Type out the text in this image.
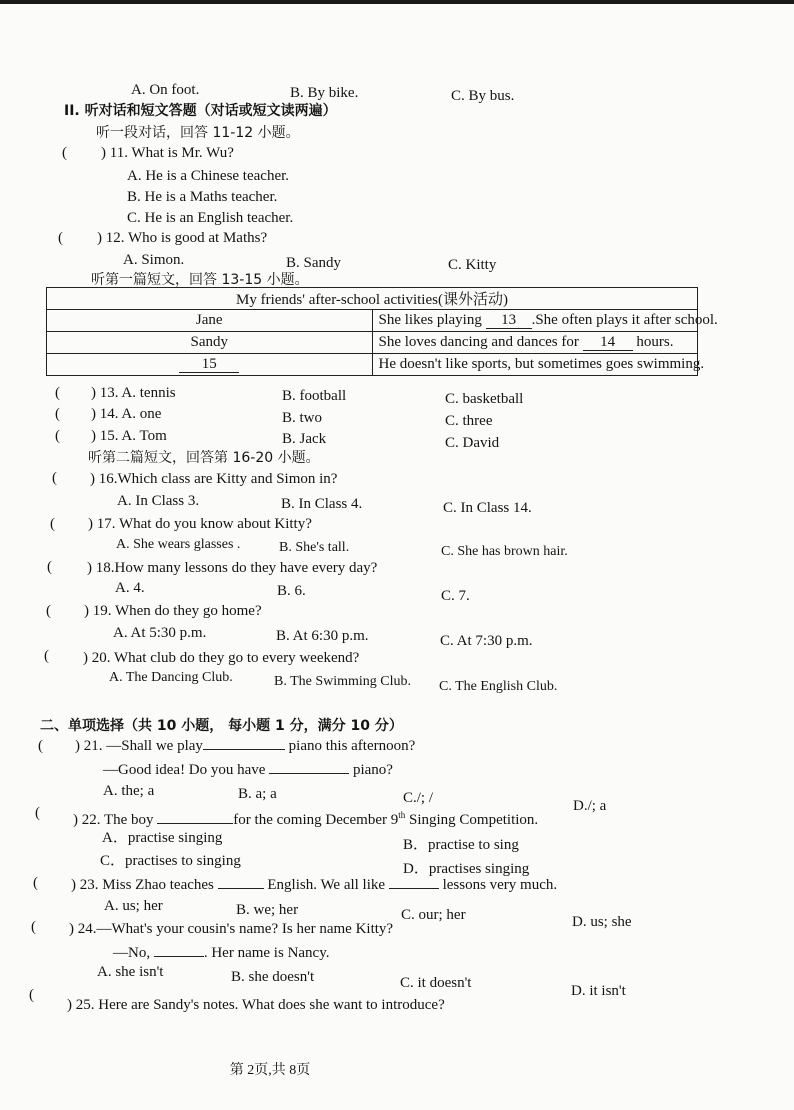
A. On foot.	B. By bike.	C. By bus.
II. 听对话和短文答题（对话或短文读两遍）
听一段对话，回答 11-12 小题。
( ) 11. What is Mr. Wu?
A. He is a Chinese teacher.
B. He is a Maths teacher.
C. He is an English teacher.
( ) 12. Who is good at Maths?
A. Simon.	B. Sandy	C. Kitty
听第一篇短文，回答 13-15 小题。
My friends' after-school activities(课外活动)	
Jane	She likes playing 13 .She often plays it after school.
Sandy	She loves dancing and dances for 14 hours.
15	He doesn't like sports, but sometimes goes swimming.
( ) 13. A. tennis	B. football	C. basketball
( ) 14. A. one	B. two	C. three
( ) 15. A. Tom	B. Jack	C. David
听第二篇短文，回答第 16-20 小题。
( ) 16.Which class are Kitty and Simon in?
A. In Class 3.	B. In Class 4.	C. In Class 14.
( ) 17. What do you know about Kitty?
A. She wears glasses .	B. She's tall.	C. She has brown hair.
( ) 18.How many lessons do they have every day?
A. 4.	B. 6.	C. 7.
( ) 19. When do they go home?
A. At 5:30 p.m.	B. At 6:30 p.m.	C. At 7:30 p.m.
( ) 20. What club do they go to every weekend?
A. The Dancing Club.	B. The Swimming Club. C. The English Club.
二、单项选择（共 10 小题， 每小题 1 分，满分 10 分）
( ) 21. —Shall we play	piano this afternoon?
—Good idea! Do you have	piano?
A. the; a	B. a; a	C./; /	D./; a
( ) 22. The boy	for the coming December 9th Singing Competition.
A．practise singing	B．practise to sing
C．practises to singing	D．practises singing
( ) 23. Miss Zhao teaches	English. We all like	lessons very much.
A. us; her	B. we; her	C. our; her	D. us; she
( ) 24.—What's your cousin's name? Is her name Kitty?
—No,	. Her name is Nancy.
A. she isn't	B. she doesn't	C. it doesn't	D. it isn't
(
) 25. Here are Sandy's notes. What does she want to introduce?
第 2页,共 8页
